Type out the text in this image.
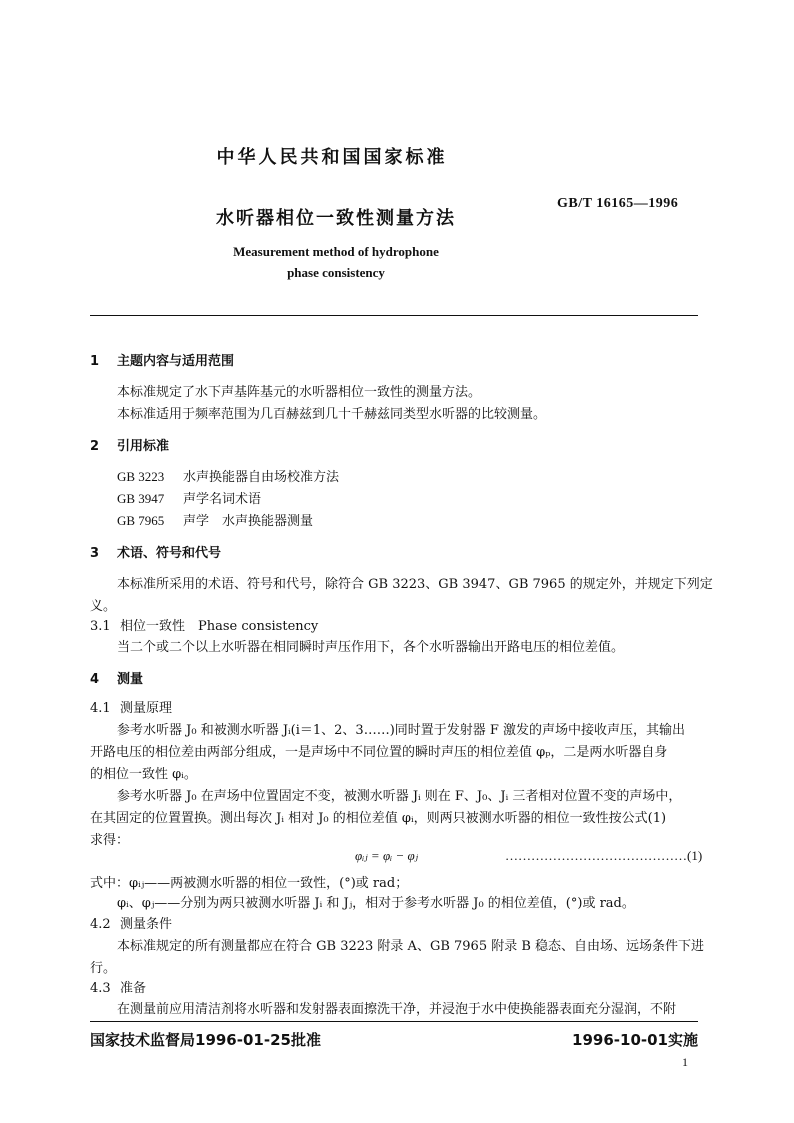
中华人民共和国国家标准
GB/T 16165—1996
水听器相位一致性测量方法
Measurement method of hydrophone
phase consistency
1 主题内容与适用范围
本标准规定了水下声基阵基元的水听器相位一致性的测量方法。
本标准适用于频率范围为几百赫兹到几十千赫兹同类型水听器的比较测量。
2 引用标准
GB 3223 水声换能器自由场校准方法
GB 3947 声学名词术语
GB 7965 声学　水声换能器测量
3 术语、符号和代号
本标准所采用的术语、符号和代号，除符合 GB 3223、GB 3947、GB 7965 的规定外，并规定下列定
义。
3.1 相位一致性　Phase consistency
当二个或二个以上水听器在相同瞬时声压作用下，各个水听器输出开路电压的相位差值。
4 测量
4.1 测量原理
参考水听器 J₀ 和被测水听器 Jᵢ(i＝1、2、3……)同时置于发射器 F 激发的声场中接收声压，其输出
开路电压的相位差由两部分组成，一是声场中不同位置的瞬时声压的相位差值 φₚ，二是两水听器自身
的相位一致性 φᵢ。
参考水听器 J₀ 在声场中位置固定不变，被测水听器 Jᵢ 则在 F、J₀、Jᵢ 三者相对位置不变的声场中，
在其固定的位置置换。测出每次 Jᵢ 相对 J₀ 的相位差值 φᵢ，则两只被测水听器的相位一致性按公式(1)
求得：
φᵢⱼ = φᵢ − φⱼ	……………………………………(1)
式中：φᵢⱼ——两被测水听器的相位一致性，(°)或 rad；
φᵢ、φⱼ——分别为两只被测水听器 Jᵢ 和 Jⱼ，相对于参考水听器 J₀ 的相位差值，(°)或 rad。
4.2 测量条件
本标准规定的所有测量都应在符合 GB 3223 附录 A、GB 7965 附录 B 稳态、自由场、远场条件下进
行。
4.3 准备
在测量前应用清洁剂将水听器和发射器表面擦洗干净，并浸泡于水中使换能器表面充分湿润，不附
国家技术监督局1996-01-25批准	1996-10-01实施
1
